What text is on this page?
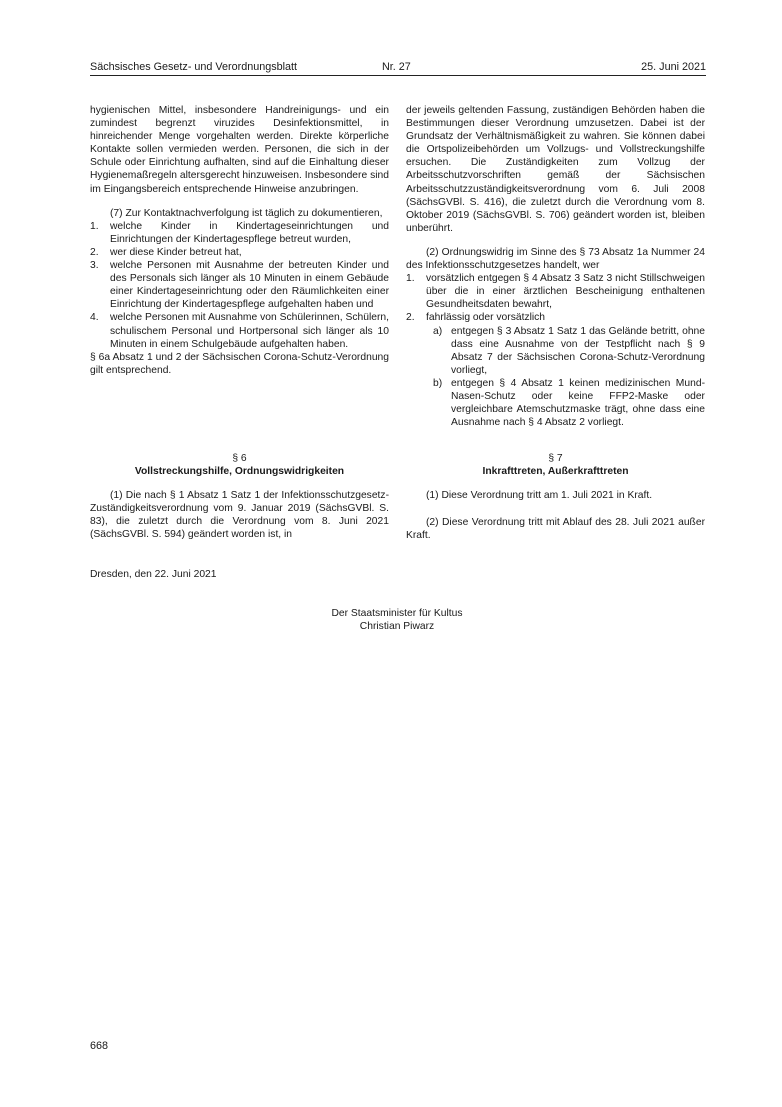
Sächsisches Gesetz- und Verordnungsblatt	Nr. 27	25. Juni 2021

hygienischen Mittel, insbesondere Handreinigungs- und ein zumindest begrenzt viruzides Desinfektionsmittel, in hinreichender Menge vorgehalten werden. Direkte körperliche Kontakte sollen vermieden werden. Personen, die sich in der Schule oder Einrichtung aufhalten, sind auf die Einhaltung dieser Hygienemaßregeln altersgerecht hinzuweisen. Insbesondere sind im Eingangsbereich entsprechende Hinweise anzubringen.

(7) Zur Kontaktnachverfolgung ist täglich zu dokumentieren,

1. welche Kinder in Kindertageseinrichtungen und Einrichtungen der Kindertagespflege betreut wurden,
2. wer diese Kinder betreut hat,
3. welche Personen mit Ausnahme der betreuten Kinder und des Personals sich länger als 10 Minuten in einem Gebäude einer Kindertageseinrichtung oder den Räumlichkeiten einer Einrichtung der Kindertagespflege aufgehalten haben und
4. welche Personen mit Ausnahme von Schülerinnen, Schülern, schulischem Personal und Hortpersonal sich länger als 10 Minuten in einem Schulgebäude aufgehalten haben.

§ 6a Absatz 1 und 2 der Sächsischen Corona-Schutz-Verordnung gilt entsprechend.

der jeweils geltenden Fassung, zuständigen Behörden haben die Bestimmungen dieser Verordnung umzusetzen. Dabei ist der Grundsatz der Verhältnismäßigkeit zu wahren. Sie können dabei die Ortspolizeibehörden um Vollzugs- und Vollstreckungshilfe ersuchen. Die Zuständigkeiten zum Vollzug der Arbeitsschutzvorschriften gemäß der Sächsischen Arbeitsschutzzuständigkeitsverordnung vom 6. Juli 2008 (SächsGVBl. S. 416), die zuletzt durch die Verordnung vom 8. Oktober 2019 (SächsGVBl. S. 706) geändert worden ist, bleiben unberührt.

(2) Ordnungswidrig im Sinne des § 73 Absatz 1a Nummer 24 des Infektionsschutzgesetzes handelt, wer

1. vorsätzlich entgegen § 4 Absatz 3 Satz 3 nicht Stillschweigen über die in einer ärztlichen Bescheinigung enthaltenen Gesundheitsdaten bewahrt,
2. fahrlässig oder vorsätzlich
a) entgegen § 3 Absatz 1 Satz 1 das Gelände betritt, ohne dass eine Ausnahme von der Testpflicht nach § 9 Absatz 7 der Sächsischen Corona-Schutz-Verordnung vorliegt,
b) entgegen § 4 Absatz 1 keinen medizinischen Mund-Nasen-Schutz oder keine FFP2-Maske oder vergleichbare Atemschutzmaske trägt, ohne dass eine Ausnahme nach § 4 Absatz 2 vorliegt.

§ 6

Vollstreckungshilfe, Ordnungswidrigkeiten

(1) Die nach § 1 Absatz 1 Satz 1 der Infektionsschutzgesetz-Zuständigkeitsverordnung vom 9. Januar 2019 (SächsGVBl. S. 83), die zuletzt durch die Verordnung vom 8. Juni 2021 (SächsGVBl. S. 594) geändert worden ist, in

§ 7

Inkrafttreten, Außerkrafttreten

(1) Diese Verordnung tritt am 1. Juli 2021 in Kraft.

(2) Diese Verordnung tritt mit Ablauf des 28. Juli 2021 außer Kraft.

Dresden, den 22. Juni 2021
Der Staatsminister für Kultus
Christian Piwarz
668
